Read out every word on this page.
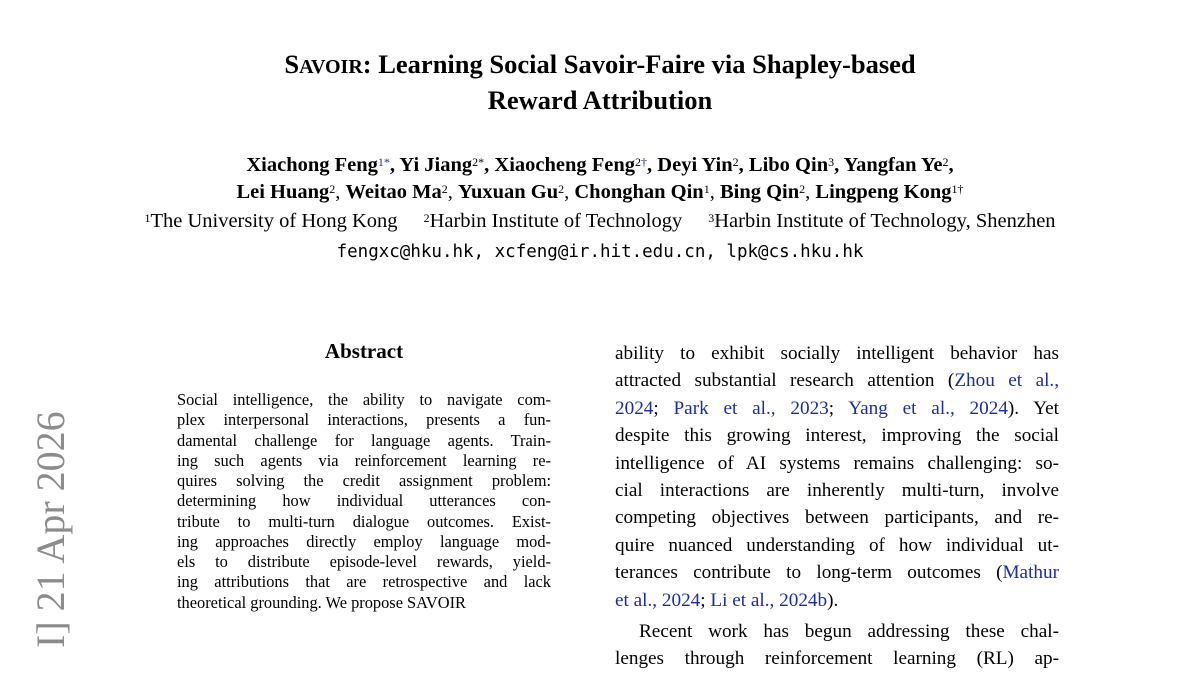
SAVOIR: Learning Social Savoir-Faire via Shapley-based
Reward Attribution
Xiachong Feng$^{1*}$, Yi Jiang$^{2*}$, Xiaocheng Feng$^{2\dagger}$, Deyi Yin$^2$, Libo Qin$^3$, Yangfan Ye$^2$,
Lei Huang$^2$, Weitao Ma$^2$, Yuxuan Gu$^2$, Chonghan Qin$^1$, Bing Qin$^2$, Lingpeng Kong$^{1\dagger}$
$^1$The University of Hong Kong $^2$Harbin Institute of Technology $^3$Harbin Institute of Technology, Shenzhen
fengxc@hku.hk, xcfeng@ir.hit.edu.cn, lpk@cs.hku.hk
I] 21 Apr 2026
Abstract
Social intelligence, the ability to navigate com-
plex interpersonal interactions, presents a fun-
damental challenge for language agents. Train-
ing such agents via reinforcement learning re-
quires solving the credit assignment problem:
determining how individual utterances con-
tribute to multi-turn dialogue outcomes. Exist-
ing approaches directly employ language mod-
els to distribute episode-level rewards, yield-
ing attributions that are retrospective and lack
theoretical grounding. We propose SAVOIR
ability to exhibit socially intelligent behavior has
attracted substantial research attention (Zhou et al.,
2024; Park et al., 2023; Yang et al., 2024). Yet
despite this growing interest, improving the social
intelligence of AI systems remains challenging: so-
cial interactions are inherently multi-turn, involve
competing objectives between participants, and re-
quire nuanced understanding of how individual ut-
terances contribute to long-term outcomes (Mathur
et al., 2024; Li et al., 2024b).
Recent work has begun addressing these chal-
lenges through reinforcement learning (RL) ap-
